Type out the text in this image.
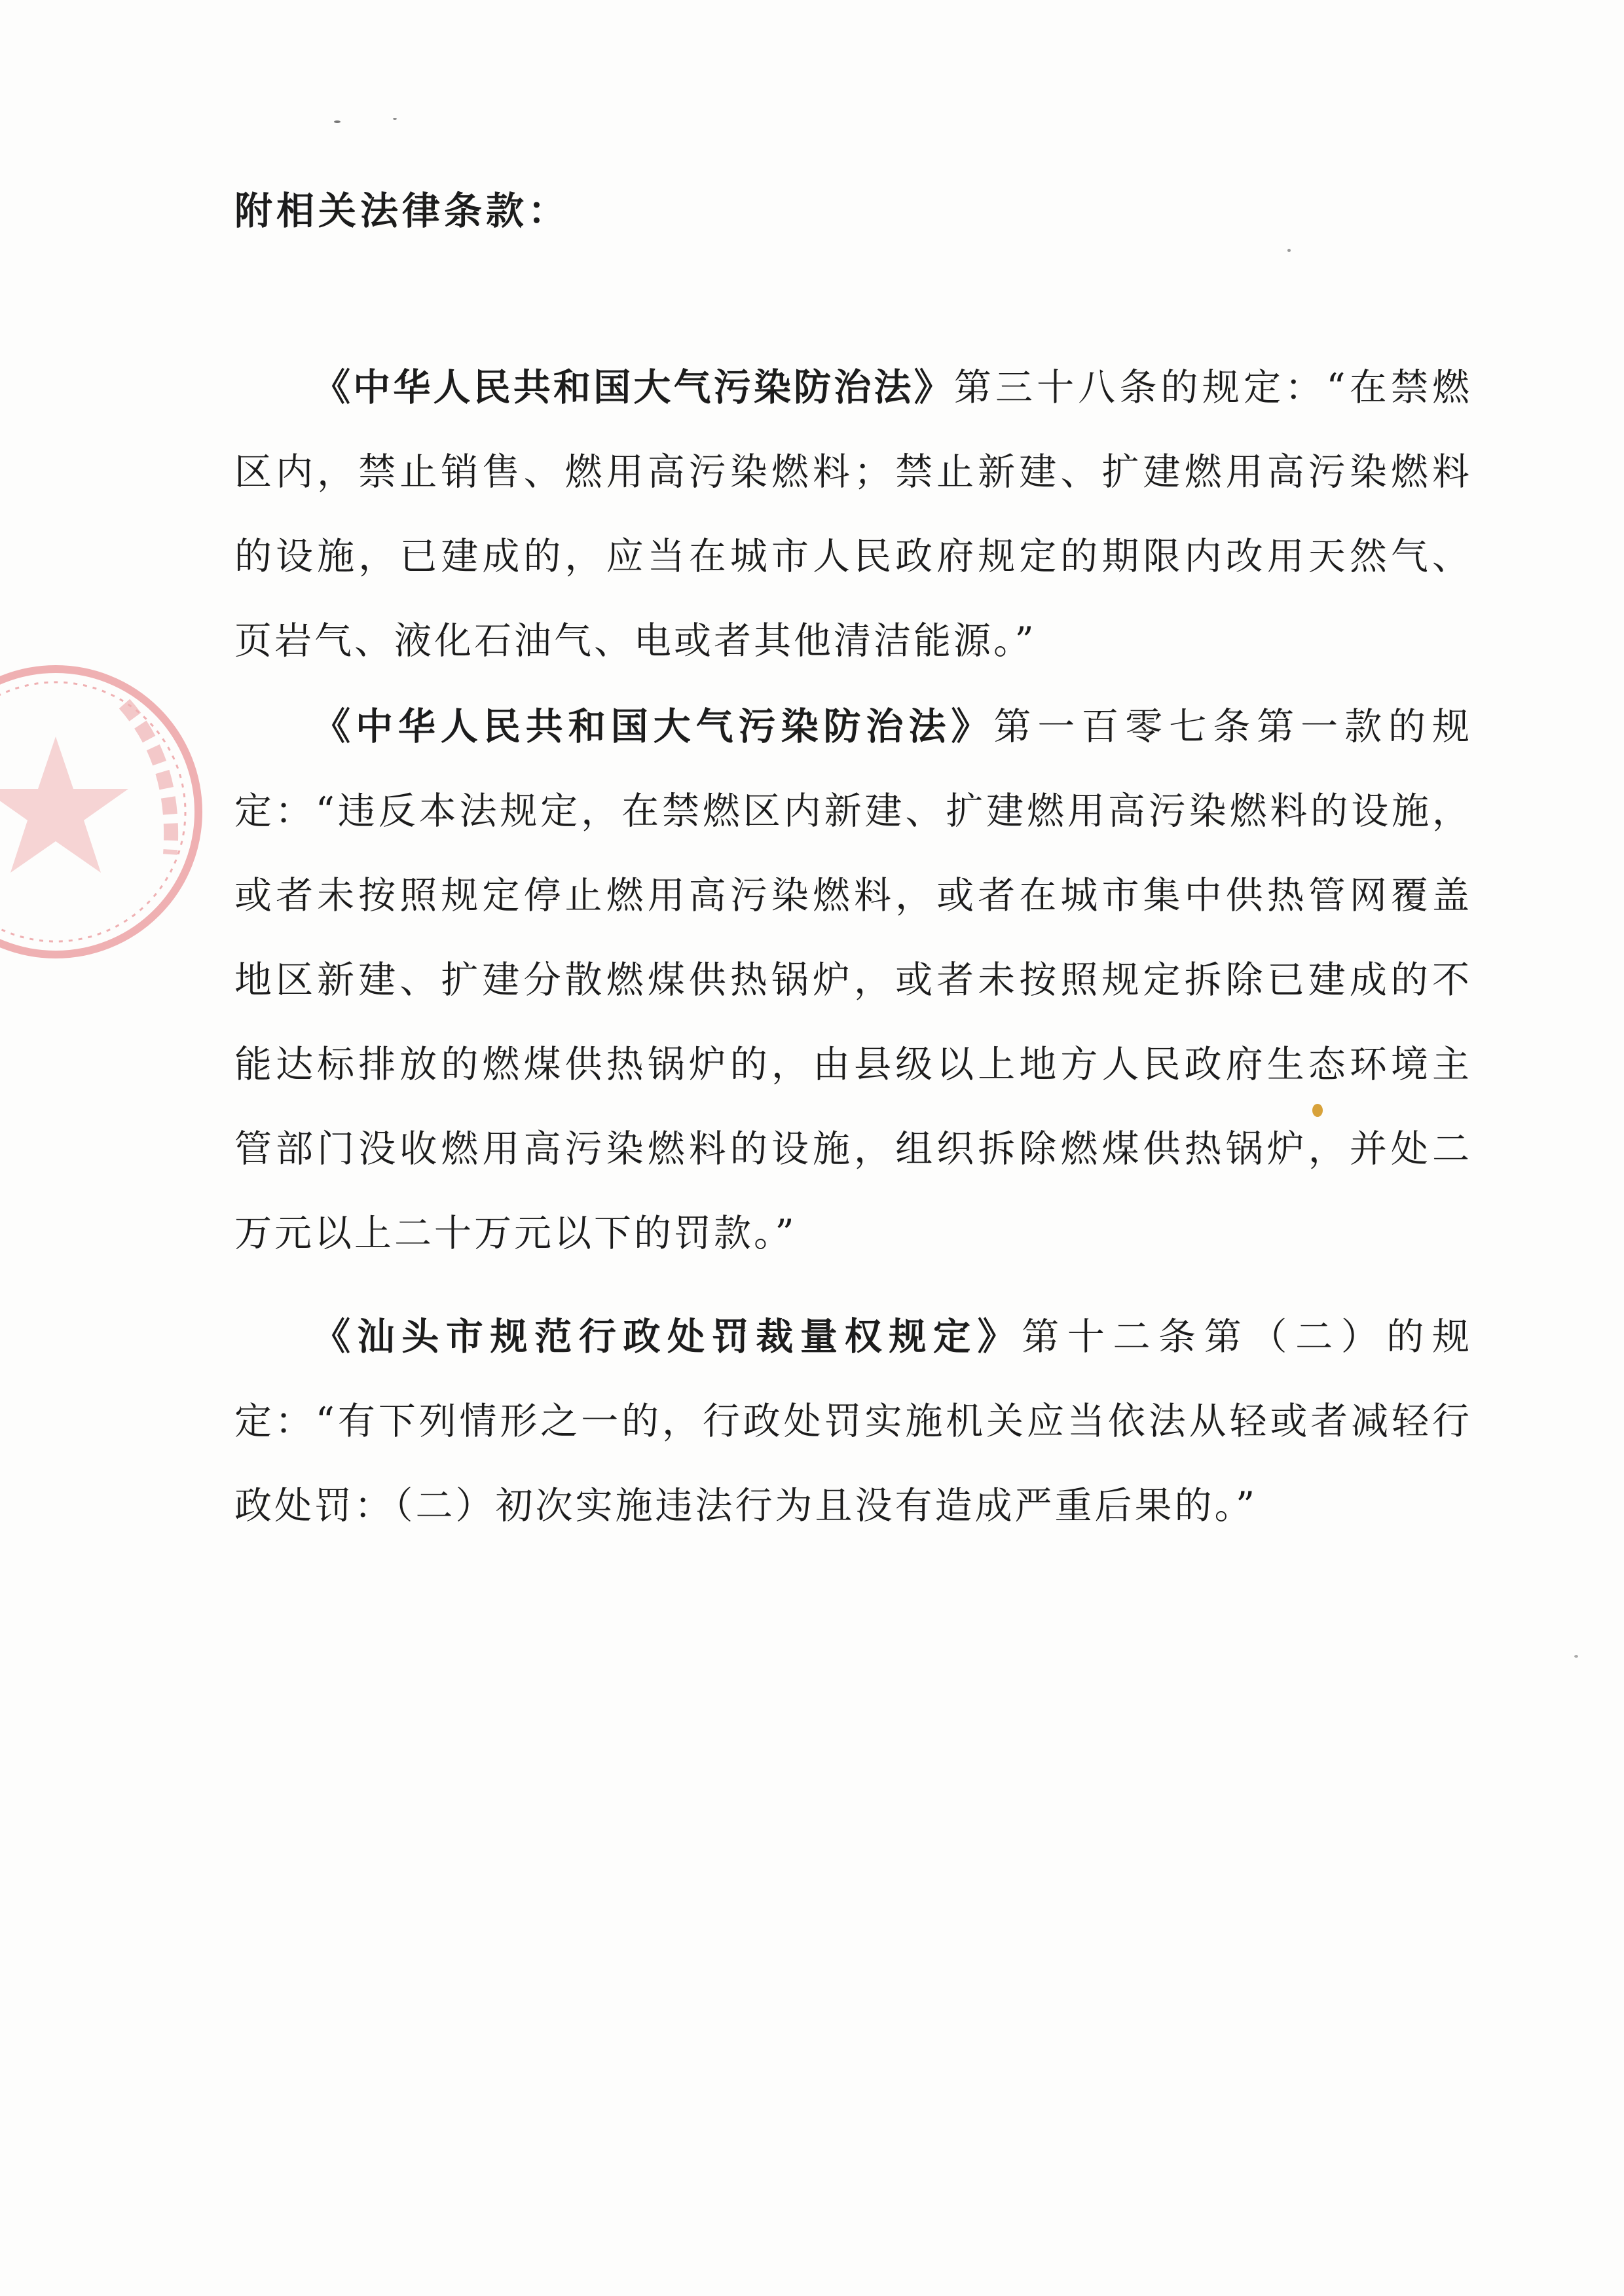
附相关法律条款：

《中华人民共和国大气污染防治法》第三十八条的规定：“在禁燃区内，禁止销售、燃用高污染燃料；禁止新建、扩建燃用高污染燃料的设施，已建成的，应当在城市人民政府规定的期限内改用天然气、页岩气、液化石油气、电或者其他清洁能源。”

《中华人民共和国大气污染防治法》第一百零七条第一款的规定：“违反本法规定，在禁燃区内新建、扩建燃用高污染燃料的设施，或者未按照规定停止燃用高污染燃料，或者在城市集中供热管网覆盖地区新建、扩建分散燃煤供热锅炉，或者未按照规定拆除已建成的不能达标排放的燃煤供热锅炉的，由县级以上地方人民政府生态环境主管部门没收燃用高污染燃料的设施，组织拆除燃煤供热锅炉，并处二万元以上二十万元以下的罚款。”

《汕头市规范行政处罚裁量权规定》第十二条第（二）的规定：“有下列情形之一的，行政处罚实施机关应当依法从轻或者减轻行政处罚：（二）初次实施违法行为且没有造成严重后果的。”
